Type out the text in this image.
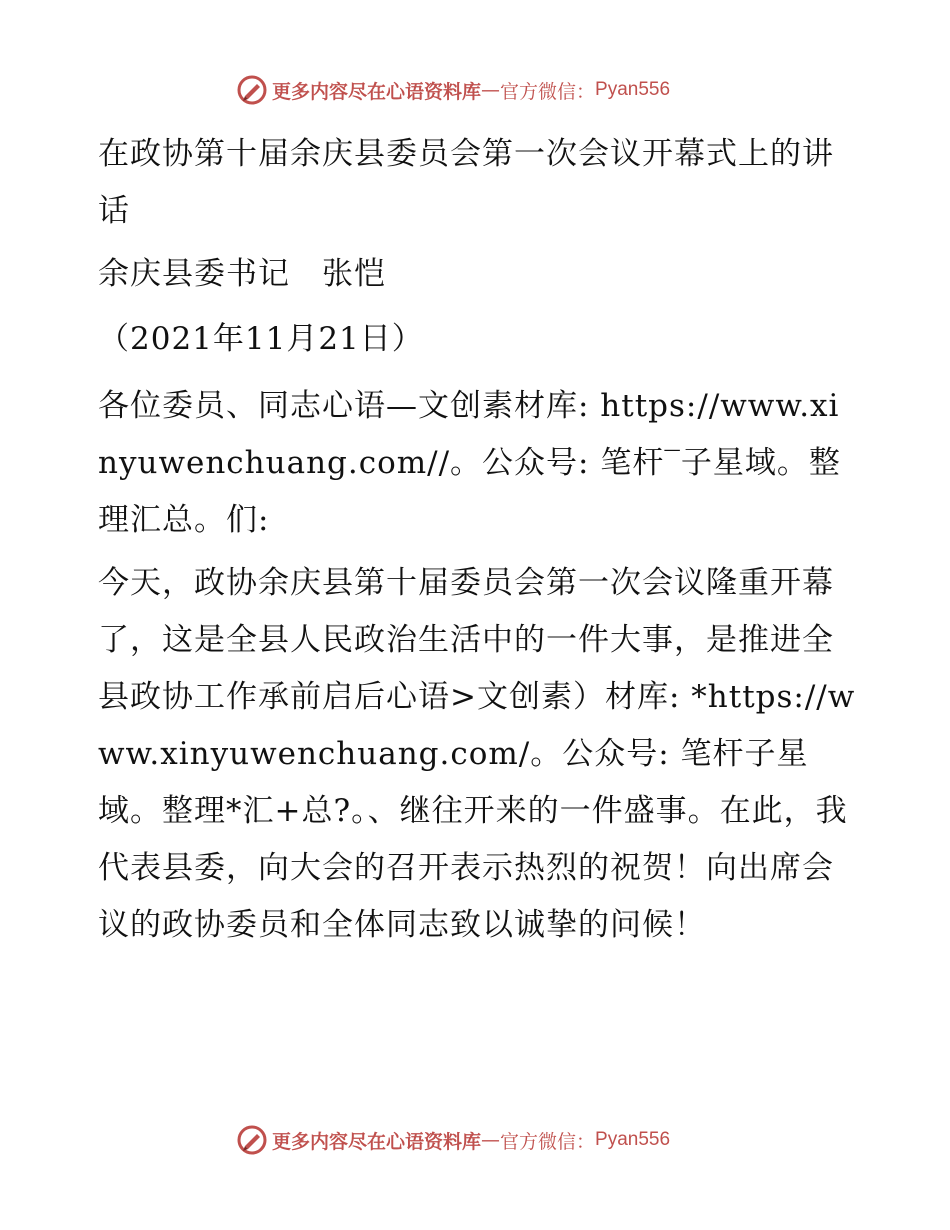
更多内容尽在心语资料库 — 官方微信： Pyan556

在政协第十届余庆县委员会第一次会议开幕式上的讲话

余庆县委书记　张恺

（2021年11月21日）

各位委员、同志心语—文创素材库: https://www.xinyuwenchuang.com//。公众号: 笔杆‾子星域。整理汇总。们:

今天，政协余庆县第十届委员会第一次会议隆重开幕了，这是全县人民政治生活中的一件大事，是推进全县政协工作承前启后心语>文创素）材库: *https://www.xinyuwenchuang.com/。公众号: 笔杆子星域。整理*汇+总?。、继往开来的一件盛事。在此，我代表县委，向大会的召开表示热烈的祝贺！向出席会议的政协委员和全体同志致以诚挚的问候！

更多内容尽在心语资料库 — 官方微信： Pyan556
